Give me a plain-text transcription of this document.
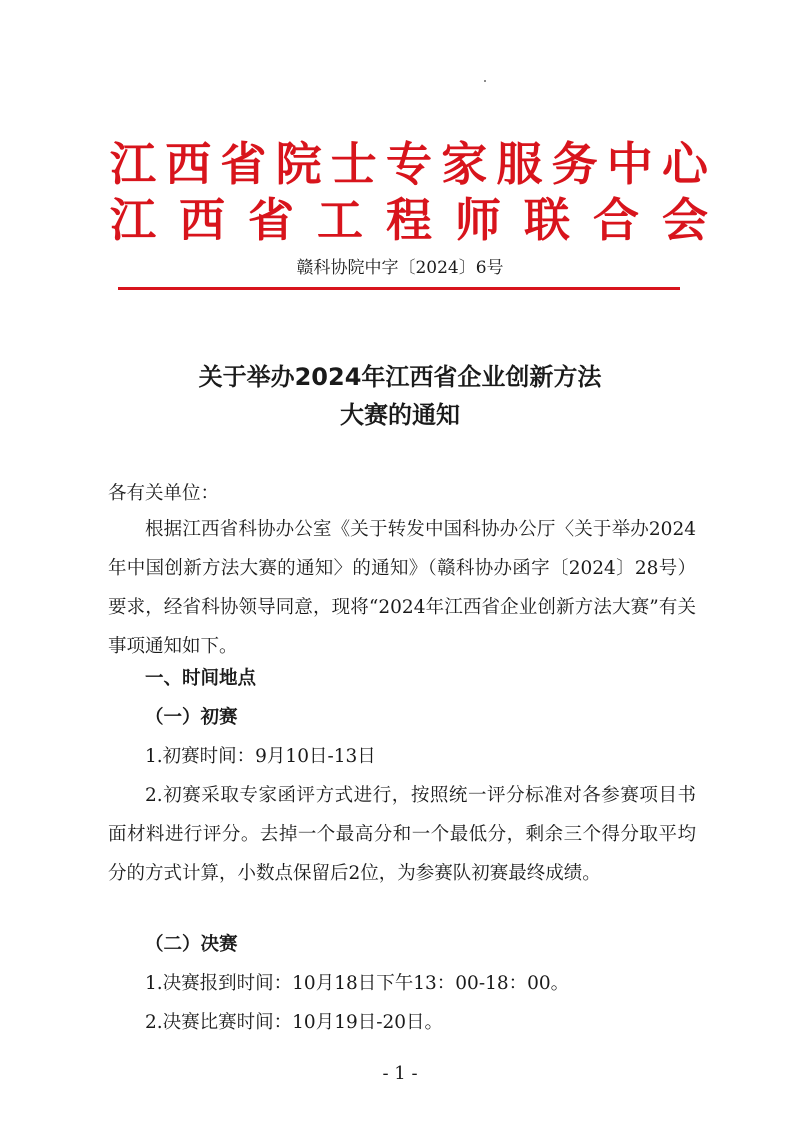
江西省院士专家服务中心
江西省工程师联合会
赣科协院中字〔2024〕6号
关于举办2024年江西省企业创新方法
大赛的通知
各有关单位：
根据江西省科协办公室《关于转发中国科协办公厅〈关于举办2024年中国创新方法大赛的通知〉的通知》（赣科协办函字〔2024〕28号）要求，经省科协领导同意，现将“2024年江西省企业创新方法大赛”有关事项通知如下。
一、时间地点
（一）初赛
1.初赛时间：9月10日-13日
2.初赛采取专家函评方式进行，按照统一评分标准对各参赛项目书面材料进行评分。去掉一个最高分和一个最低分，剩余三个得分取平均分的方式计算，小数点保留后2位，为参赛队初赛最终成绩。
（二）决赛
1.决赛报到时间：10月18日下午13：00-18：00。
2.决赛比赛时间：10月19日-20日。
- 1 -
